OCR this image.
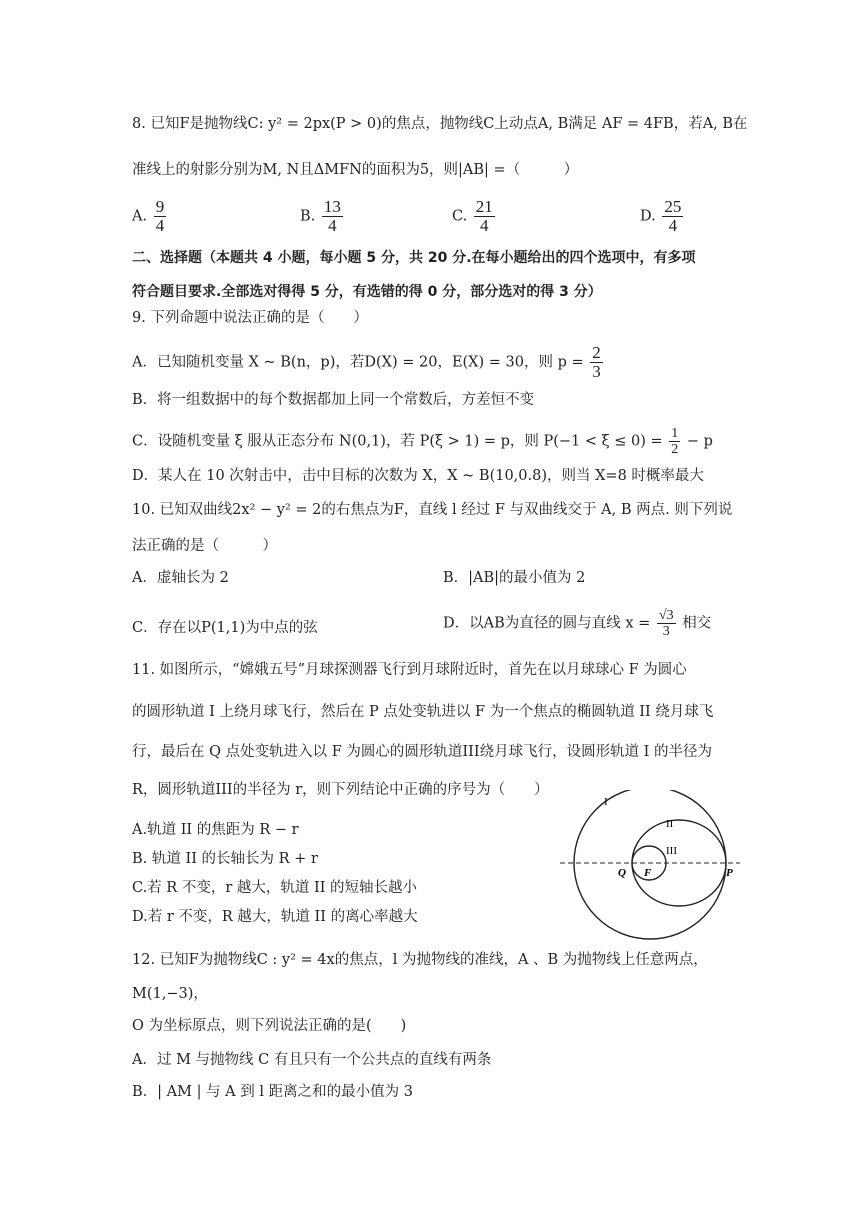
8. 已知F是抛物线C: y² = 2px(P > 0)的焦点，抛物线C上动点A, B满足 AF = 4FB，若A, B在
准线上的射影分别为M, N且ΔMFN的面积为5，则|AB| =（　　　）
A. $\frac{9}{4}$	B. $\frac{13}{4}$	C. $\frac{21}{4}$	D. $\frac{25}{4}$
二、选择题（本题共 4 小题，每小题 5 分，共 20 分.在每小题给出的四个选项中，有多项
符合题目要求.全部选对得得 5 分，有选错的得 0 分，部分选对的得 3 分）
9. 下列命题中说法正确的是（　　）
A．已知随机变量 X ~ B(n，p)，若D(X) = 20，E(X) = 30，则 $p = \frac{2}{3}$
B．将一组数据中的每个数据都加上同一个常数后，方差恒不变
C．设随机变量 ξ 服从正态分布 N(0,1)，若 P(ξ > 1) = p，则 $P(-1 < \xi \le 0) = \frac{1}{2} - p$
D．某人在 10 次射击中，击中目标的次数为 X，X ~ B(10,0.8)，则当 X=8 时概率最大
10. 已知双曲线2x² − y² = 2的右焦点为F，直线 l 经过 F 与双曲线交于 A, B 两点. 则下列说
法正确的是（　　　）
A．虚轴长为 2	B．|AB|的最小值为 2
C．存在以P(1,1)为中点的弦	D．以AB为直径的圆与直线 $x = \frac{√3}{3}$ 相交
11. 如图所示，“嫦娥五号”月球探测器飞行到月球附近时，首先在以月球球心 F 为圆心
的圆形轨道 I 上绕月球飞行，然后在 P 点处变轨进以 F 为一个焦点的椭圆轨道 II 绕月球飞
行，最后在 Q 点处变轨进入以 F 为圆心的圆形轨道III绕月球飞行，设圆形轨道 I 的半径为
R，圆形轨道III的半径为 r，则下列结论中正确的序号为（　　）
A.轨道 II 的焦距为 R − r
B. 轨道 II 的长轴长为 R + r
C.若 R 不变，r 越大，轨道 II 的短轴长越小
D.若 r 不变，R 越大，轨道 II 的离心率越大
I
II
III
Q F	P
12. 已知F为抛物线C : y² = 4x的焦点，l 为抛物线的准线，A 、B 为抛物线上任意两点，
M(1,−3)，
O 为坐标原点，则下列说法正确的是(　　)
A．过 M 与抛物线 C 有且只有一个公共点的直线有两条
B．| AM | 与 A 到 l 距离之和的最小值为 3
